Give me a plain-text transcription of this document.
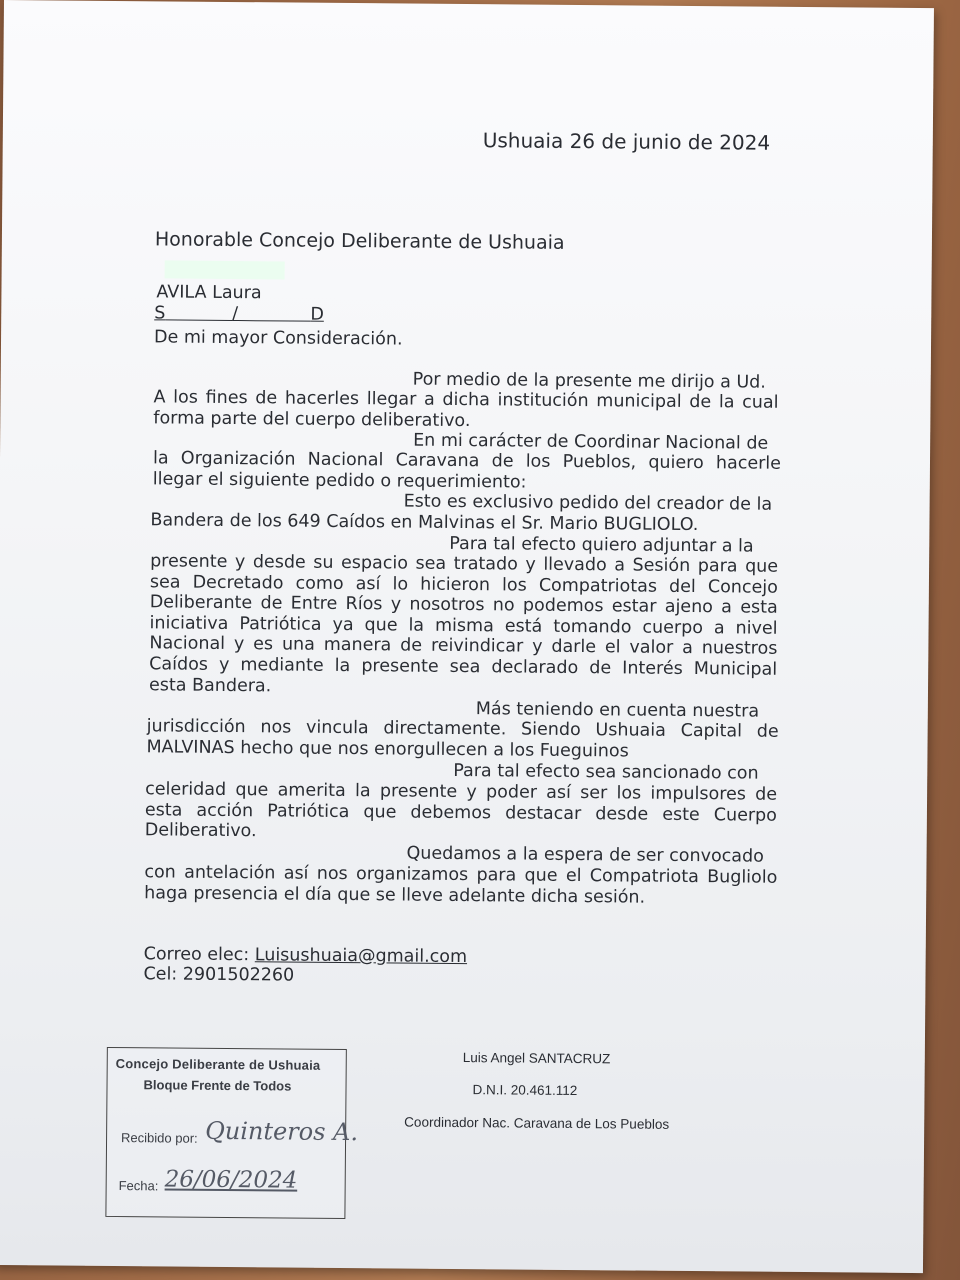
Ushuaia 26 de junio de 2024
Honorable Concejo Deliberante de Ushuaia
AVILA Laura
S	/	D
De mi mayor Consideración.
Por medio de la presente me dirijo a Ud.
A los fines de hacerles llegar a dicha institución municipal de la cual
forma parte del cuerpo deliberativo.
En mi carácter de Coordinar Nacional de
la Organización Nacional Caravana de los Pueblos, quiero hacerle
llegar el siguiente pedido o requerimiento:
Esto es exclusivo pedido del creador de la
Bandera de los 649 Caídos en Malvinas el Sr. Mario BUGLIOLO.
Para tal efecto quiero adjuntar a la
presente y desde su espacio sea tratado y llevado a Sesión para que
sea Decretado como así lo hicieron los Compatriotas del Concejo
Deliberante de Entre Ríos y nosotros no podemos estar ajeno a esta
iniciativa Patriótica ya que la misma está tomando cuerpo a nivel
Nacional y es una manera de reivindicar y darle el valor a nuestros
Caídos y mediante la presente sea declarado de Interés Municipal
esta Bandera.
Más teniendo en cuenta nuestra
jurisdicción nos vincula directamente. Siendo Ushuaia Capital de
MALVINAS hecho que nos enorgullecen a los Fueguinos
Para tal efecto sea sancionado con
celeridad que amerita la presente y poder así ser los impulsores de
esta acción Patriótica que debemos destacar desde este Cuerpo
Deliberativo.
Quedamos a la espera de ser convocado
con antelación así nos organizamos para que el Compatriota Bugliolo
haga presencia el día que se lleve adelante dicha sesión.
Correo elec: Luisushuaia@gmail.com
Cel: 2901502260
Concejo Deliberante de Ushuaia
Bloque Frente de Todos
Recibido por: Quinteros A.
Fecha: 26/06/2024
Luis Angel SANTACRUZ
D.N.I. 20.461.112
Coordinador Nac. Caravana de Los Pueblos
